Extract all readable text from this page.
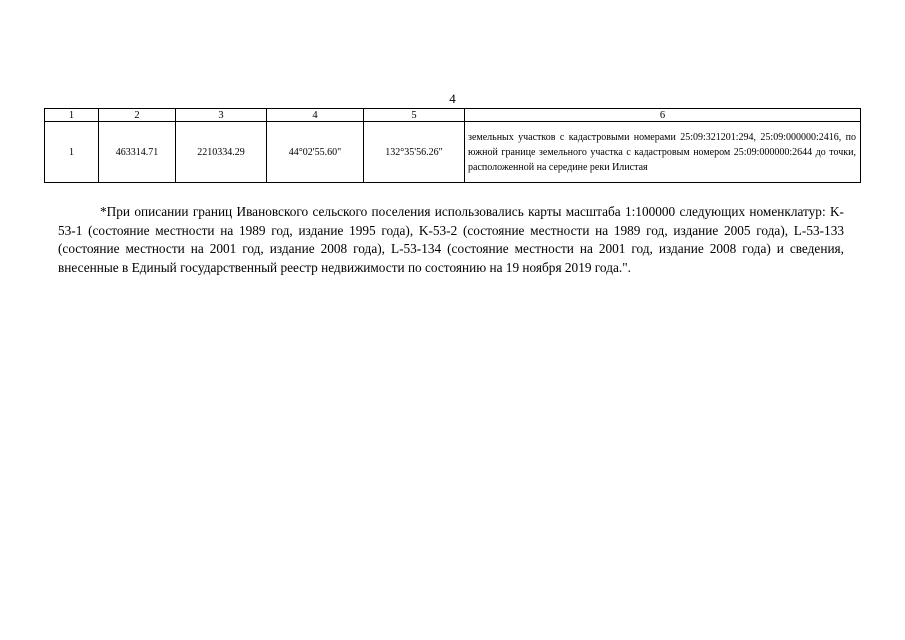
4
1	2	3	4	5	6
1	463314.71	2210334.29	44°02'55.60"	132°35'56.26"	земельных участков с кадастровыми номерами 25:09:321201:294, 25:09:000000:2416, по южной границе земельного участка с кадастровым номером 25:09:000000:2644 до точки, расположенной на середине реки Илистая
*При описании границ Ивановского сельского поселения использовались карты масштаба 1:100000 следующих номенклатур: K-53-1 (состояние местности на 1989 год, издание 1995 года), K-53-2 (состояние местности на 1989 год, издание 2005 года), L-53-133 (состояние местности на 2001 год, издание 2008 года), L-53-134 (состояние местности на 2001 год, издание 2008 года) и сведения, внесенные в Единый государственный реестр недвижимости по состоянию на 19 ноября 2019 года.".
